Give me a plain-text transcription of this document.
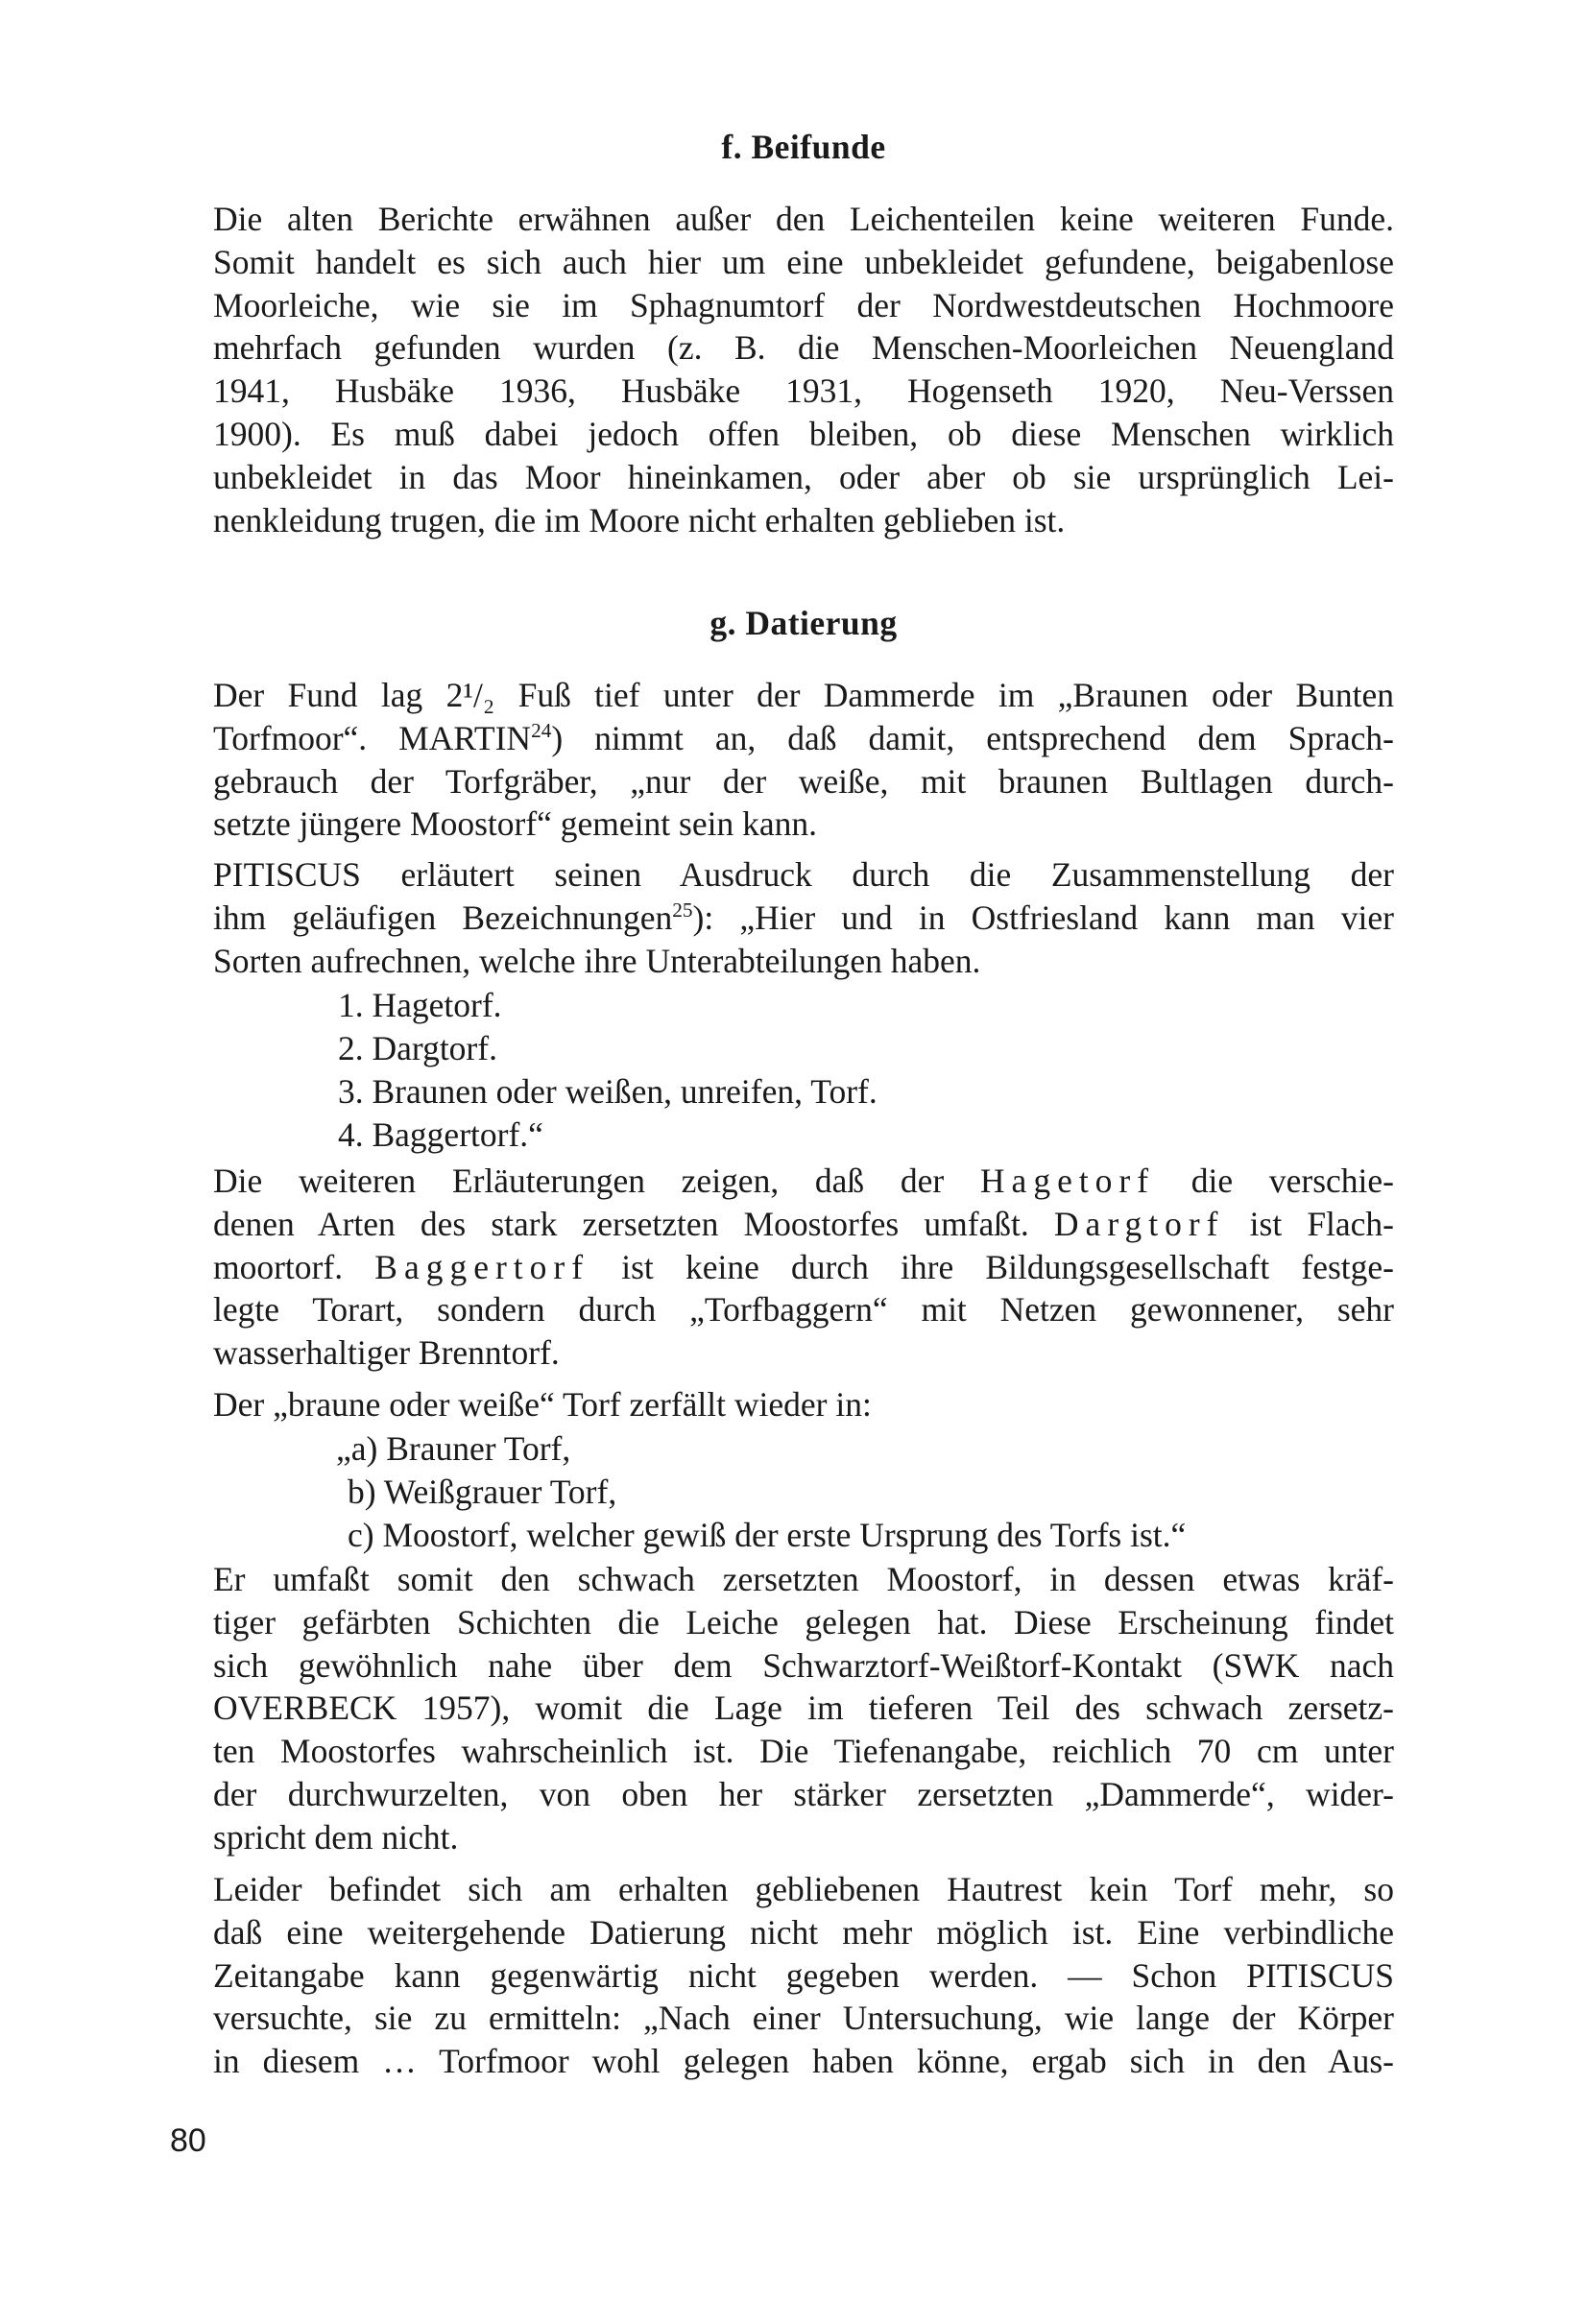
f. Beifunde

Die alten Berichte erwähnen außer den Leichenteilen keine weiteren Funde.

Somit handelt es sich auch hier um eine unbekleidet gefundene, beigabenlose

Moorleiche, wie sie im Sphagnumtorf der Nordwestdeutschen Hochmoore

mehrfach gefunden wurden (z. B. die Menschen-Moorleichen Neuengland

1941, Husbäke 1936, Husbäke 1931, Hogenseth 1920, Neu-Verssen

1900). Es muß dabei jedoch offen bleiben, ob diese Menschen wirklich

unbekleidet in das Moor hineinkamen, oder aber ob sie ursprünglich Lei-

nenkleidung trugen, die im Moore nicht erhalten geblieben ist.

g. Datierung

Der Fund lag 2¹/₂ Fuß tief unter der Dammerde im „Braunen oder Bunten

Torfmoor“. MARTIN$^{24}$) nimmt an, daß damit, entsprechend dem Sprach-

gebrauch der Torfgräber, „nur der weiße, mit braunen Bultlagen durch-

setzte jüngere Moostorf“ gemeint sein kann.

PITISCUS erläutert seinen Ausdruck durch die Zusammenstellung der

ihm geläufigen Bezeichnungen$^{25}$): „Hier und in Ostfriesland kann man vier

Sorten aufrechnen, welche ihre Unterabteilungen haben.

1. Hagetorf.
2. Dargtorf.
3. Braunen oder weißen, unreifen, Torf.
4. Baggertorf.“

Die weiteren Erläuterungen zeigen, daß der Hagetorf die verschie-

denen Arten des stark zersetzten Moostorfes umfaßt. Dargtorf ist Flach-

moortorf. Baggertorf ist keine durch ihre Bildungsgesellschaft festge-

legte Torart, sondern durch „Torfbaggern“ mit Netzen gewonnener, sehr

wasserhaltiger Brenntorf.

Der „braune oder weiße“ Torf zerfällt wieder in:

„a) Brauner Torf,
b) Weißgrauer Torf,
c) Moostorf, welcher gewiß der erste Ursprung des Torfs ist.“

Er umfaßt somit den schwach zersetzten Moostorf, in dessen etwas kräf-

tiger gefärbten Schichten die Leiche gelegen hat. Diese Erscheinung findet

sich gewöhnlich nahe über dem Schwarztorf-Weißtorf-Kontakt (SWK nach

OVERBECK 1957), womit die Lage im tieferen Teil des schwach zersetz-

ten Moostorfes wahrscheinlich ist. Die Tiefenangabe, reichlich 70 cm unter

der durchwurzelten, von oben her stärker zersetzten „Dammerde“, wider-

spricht dem nicht.

Leider befindet sich am erhalten gebliebenen Hautrest kein Torf mehr, so

daß eine weitergehende Datierung nicht mehr möglich ist. Eine verbindliche

Zeitangabe kann gegenwärtig nicht gegeben werden. — Schon PITISCUS

versuchte, sie zu ermitteln: „Nach einer Untersuchung, wie lange der Körper

in diesem … Torfmoor wohl gelegen haben könne, ergab sich in den Aus-

80
